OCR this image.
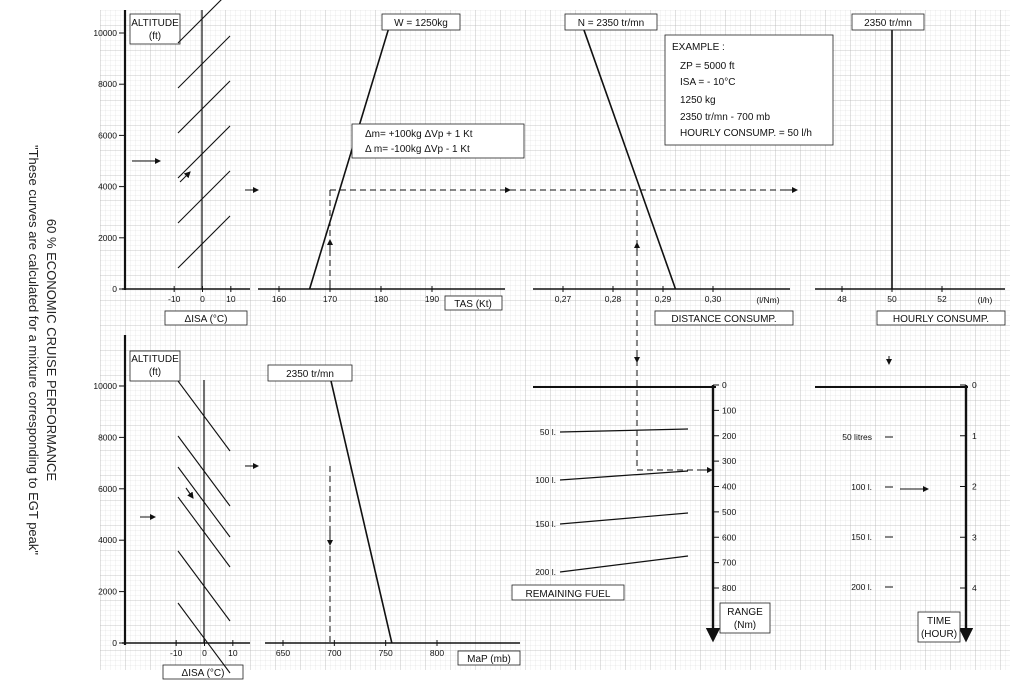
60 % ECONOMIC CRUISE PERFORMANCE
"These curves are calculated for a mixture corresponding to EGT peak"
ALTITUDE
(ft)
10000
8000
6000
4000
2000
0
-10 0 10
ΔISA (°C)
160	170	180	190 TAS (Kt)
W = 1250kg
Δm= +100kg ΔVp + 1 Kt
Δ m= -100kg ΔVp - 1 Kt
0,27	0,28	0,29	0,30	(l/Nm)
DISTANCE CONSUMP.
N = 2350 tr/mn
EXAMPLE :
ZP = 5000 ft
ISA = - 10°C
1250 kg
2350 tr/mn - 700 mb
HOURLY CONSUMP. = 50 l/h
48	50	52	(l/h)
HOURLY CONSUMP.
2350 tr/mn
ALTITUDE
(ft)
10000
8000
6000
4000
2000
0
-10 0 10
ΔISA (°C)
650	700	750	800
MaP (mb)
2350 tr/mn
0
100
200
300
400
500
600
700
800
50 l.
100 l.
150 l.
200 l.
REMAINING FUEL
RANGE
(Nm)
0
1
2
3
4
50 litres
100 l.
150 l.
200 l.
TIME
(HOUR)
